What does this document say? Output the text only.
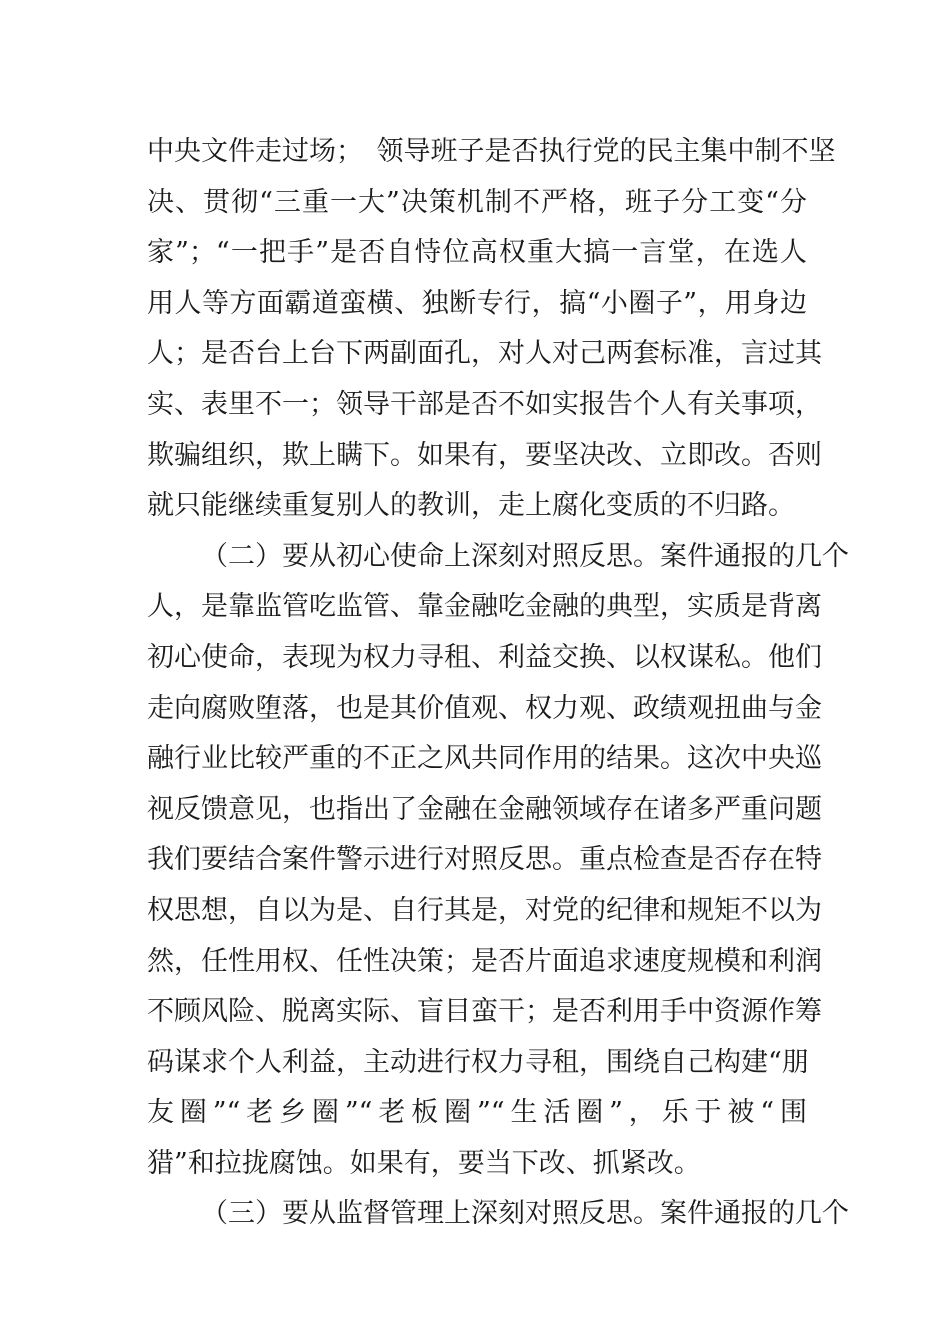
中央文件走过场；　领导班子是否执行党的民主集中制不坚
决、贯彻“三重一大”决策机制不严格，班子分工变“分
家”；“一把手”是否自恃位高权重大搞一言堂，在选人
用人等方面霸道蛮横、独断专行，搞“小圈子”，用身边
人；是否台上台下两副面孔，对人对己两套标准，言过其
实、表里不一；领导干部是否不如实报告个人有关事项，
欺骗组织，欺上瞒下。如果有，要坚决改、立即改。否则
就只能继续重复别人的教训，走上腐化变质的不归路。
（二）要从初心使命上深刻对照反思。案件通报的几个
人，是靠监管吃监管、靠金融吃金融的典型，实质是背离
初心使命，表现为权力寻租、利益交换、以权谋私。他们
走向腐败堕落，也是其价值观、权力观、政绩观扭曲与金
融行业比较严重的不正之风共同作用的结果。这次中央巡
视反馈意见，也指出了金融在金融领域存在诸多严重问题
我们要结合案件警示进行对照反思。重点检查是否存在特
权思想，自以为是、自行其是，对党的纪律和规矩不以为
然，任性用权、任性决策；是否片面追求速度规模和利润
不顾风险、脱离实际、盲目蛮干；是否利用手中资源作筹
码谋求个人利益，主动进行权力寻租，围绕自己构建“朋
友圈”“老乡圈”“老板圈”“生活圈”，乐于被“围
猎”和拉拢腐蚀。如果有，要当下改、抓紧改。
（三）要从监督管理上深刻对照反思。案件通报的几个
